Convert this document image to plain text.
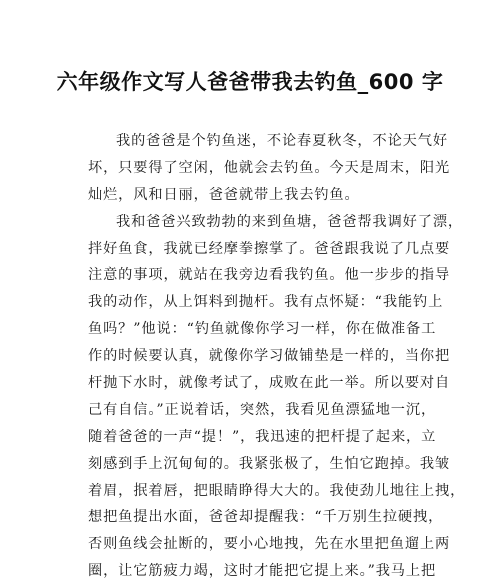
六年级作文写人爸爸带我去钓鱼_600 字
我的爸爸是个钓鱼迷，不论春夏秋冬，不论天气好
坏，只要得了空闲，他就会去钓鱼。今天是周末，阳光
灿烂，风和日丽，爸爸就带上我去钓鱼。
我和爸爸兴致勃勃的来到鱼塘，爸爸帮我调好了漂，
拌好鱼食，我就已经摩拳擦掌了。爸爸跟我说了几点要
注意的事项，就站在我旁边看我钓鱼。他一步步的指导
我的动作，从上饵料到抛杆。我有点怀疑：“我能钓上
鱼吗？”他说：“钓鱼就像你学习一样，你在做准备工
作的时候要认真，就像你学习做铺垫是一样的，当你把
杆抛下水时，就像考试了，成败在此一举。所以要对自
己有自信。”正说着话，突然，我看见鱼漂猛地一沉，
随着爸爸的一声“提！”，我迅速的把杆提了起来，立
刻感到手上沉甸甸的。我紧张极了，生怕它跑掉。我皱
着眉，抿着唇，把眼睛睁得大大的。我使劲儿地往上拽，
想把鱼提出水面，爸爸却提醒我：“千万别生拉硬拽，
否则鱼线会扯断的，要小心地拽，先在水里把鱼遛上两
圈，让它筋疲力竭，这时才能把它提上来。”我马上把
